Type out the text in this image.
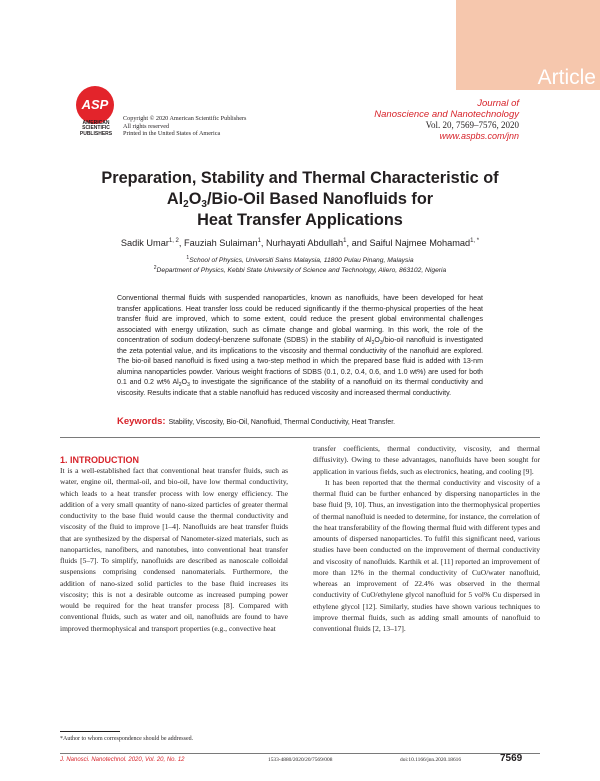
Article
ASP
AMERICAN
SCIENTIFIC
PUBLISHERS
Copyright © 2020 American Scientific Publishers
All rights reserved
Printed in the United States of America
Journal of
Nanoscience and Nanotechnology
Vol. 20, 7569–7576, 2020
www.aspbs.com/jnn
Preparation, Stability and Thermal Characteristic of
$Al_2O_3/Bio$-Oil Based Nanofluids for
Heat Transfer Applications
Sadik Umar$^{1, 2}$, Fauziah Sulaiman$^1$, Nurhayati Abdullah$^1$, and Saiful Najmee Mohamad$^{1, *}$
$^1$School of Physics, Universiti Sains Malaysia, 11800 Pulau Pinang, Malaysia
$^2$Department of Physics, Kebbi State University of Science and Technology, Aliero, 863102, Nigeria
Conventional thermal fluids with suspended nanoparticles, known as nanofluids, have been developed for heat transfer applications. Heat transfer loss could be reduced significantly if the thermo-physical properties of the heat transfer fluid are improved, which to some extent, could reduce the present global environmental challenges associated with energy utilization, such as climate change and global warming. In this work, the role of the concentration of sodium dodecyl-benzene sulfonate (SDBS) in the stability of $Al_2O_3/bio$-oil nanofluid is investigated the zeta potential value, and its implications to the viscosity and thermal conductivity of the nanofluid are explored. The bio-oil based nanofluid is fixed using a two-step method in which the prepared base fluid is added with 13-nm alumina nanoparticles powder. Various weight fractions of SDBS (0.1, 0.2, 0.4, 0.6, and 1.0 wt%) are used for both 0.1 and 0.2 wt% $Al_2O_3$ to investigate the significance of the stability of a nanofluid on its thermal conductivity and viscosity. Results indicate that a stable nanofluid has reduced viscosity and increased thermal conductivity.
Keywords: Stability, Viscosity, Bio-Oil, Nanofluid, Thermal Conductivity, Heat Transfer.
1. INTRODUCTION

It is a well-established fact that conventional heat transfer fluids, such as water, engine oil, thermal-oil, and bio-oil, have low thermal conductivity, which leads to a heat transfer process with low energy efficiency. The addition of a very small quantity of nano-sized particles of greater thermal conductivity to the base fluid would cause the thermal conductivity and viscosity of the fluid to improve [1–4]. Nanofluids are heat transfer fluids that are synthesized by the dispersal of Nanometer-sized materials, such as nanoparticles, nanofibers, and nanotubes, into conventional heat transfer fluids [5–7]. To simplify, nanofluids are described as nanoscale colloidal suspensions comprising condensed nanomaterials. Furthermore, the addition of nano-sized solid particles to the base fluid increases its viscosity; this is not a desirable outcome as increased pumping power would be required for the heat transfer process [8]. Compared with conventional fluids, such as water and oil, nanofluids are found to have improved thermophysical and transport properties (e.g., convective heat

transfer coefficients, thermal conductivity, viscosity, and thermal diffusivity). Owing to these advantages, nanofluids have been sought for application in various fields, such as electronics, heating, and cooling [9].

It has been reported that the thermal conductivity and viscosity of a thermal fluid can be further enhanced by dispersing nanoparticles in the base fluid [9, 10]. Thus, an investigation into the thermophysical properties of thermal nanofluid is needed to determine, for instance, the correlation of the heat transferability of the flowing thermal fluid with different types and amounts of dispersed nanoparticles. To fulfil this significant need, various studies have been conducted on the improvement of thermal conductivity and viscosity of nanofluids. Karthik et al. [11] reported an improvement of more than 12% in the thermal conductivity of CuO/water nanofluid, whereas an improvement of 22.4% was observed in the thermal conductivity of CuO/ethylene glycol nanofluid for 5 vol% Cu dispersed in ethylene glycol [12]. Similarly, studies have shown various techniques to improve thermal fluids, such as adding small amounts of nanofluid to conventional fluids [2, 13–17].

*Author to whom correspondence should be addressed.
J. Nanosci. Nanotechnol. 2020, Vol. 20, No. 12	1533-4880/2020/20/7569/008	doi:10.1166/jnn.2020.18616	7569
